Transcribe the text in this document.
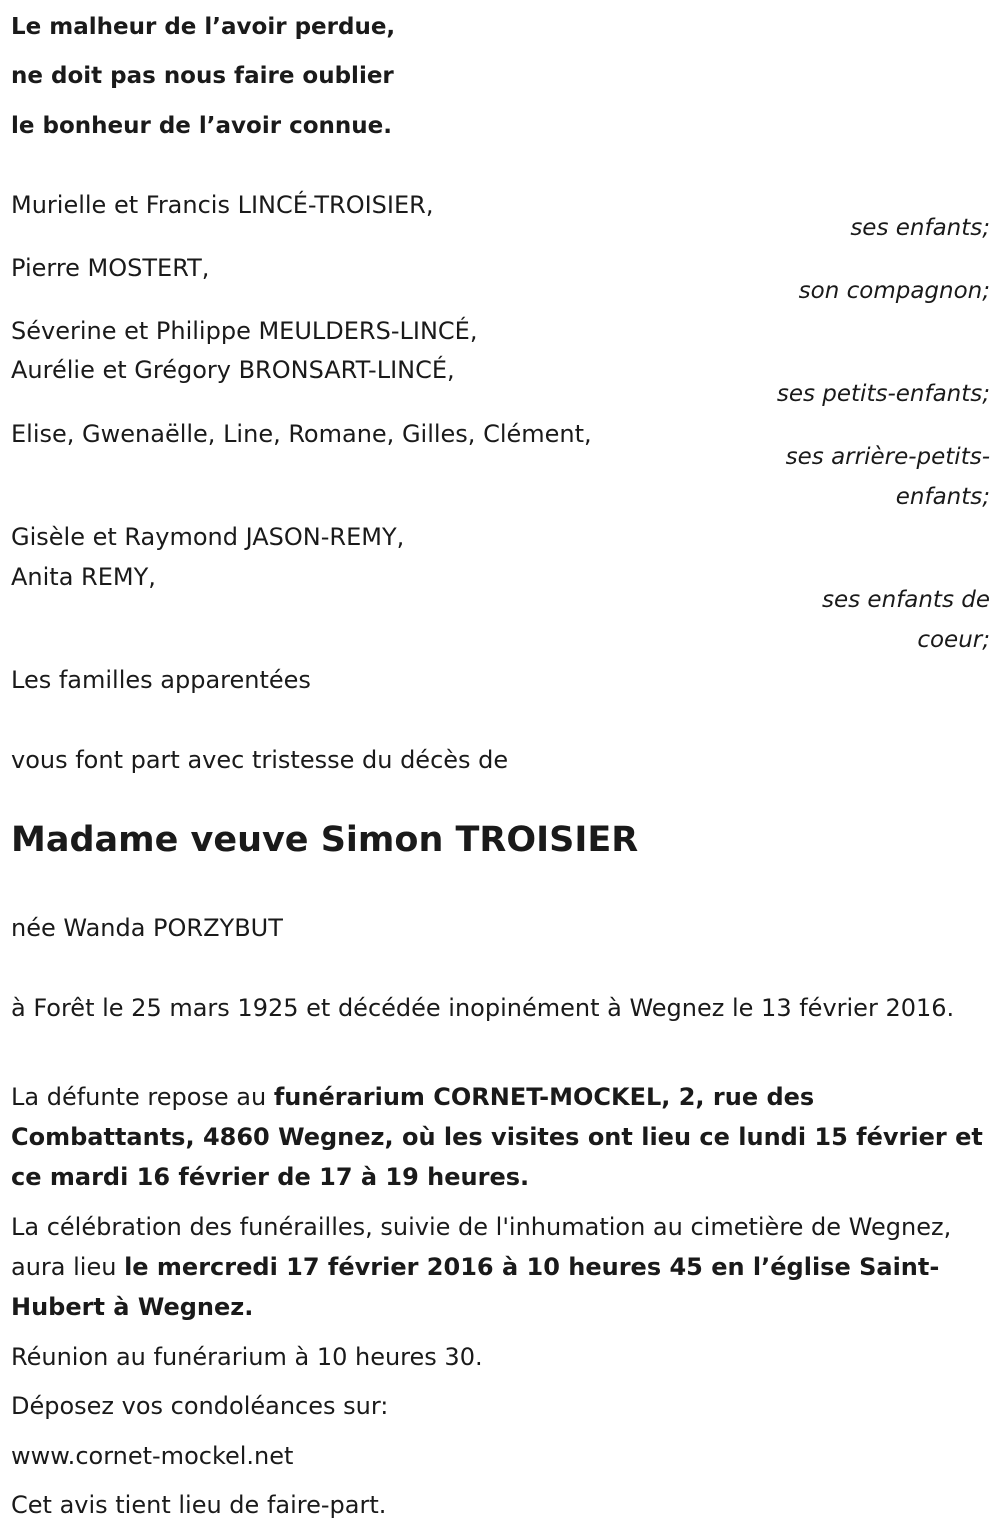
Le malheur de l’avoir perdue,
ne doit pas nous faire oublier
le bonheur de l’avoir connue.
Murielle et Francis LINCÉ-TROISIER,
ses enfants;
Pierre MOSTERT,
son compagnon;
Séverine et Philippe MEULDERS-LINCÉ,
Aurélie et Grégory BRONSART-LINCÉ,
ses petits-enfants;
Elise, Gwenaëlle, Line, Romane, Gilles, Clément,
ses arrière-petits-
enfants;
Gisèle et Raymond JASON-REMY,
Anita REMY,
ses enfants de
coeur;
Les familles apparentées
vous font part avec tristesse du décès de
Madame veuve Simon TROISIER
née Wanda PORZYBUT
à Forêt le 25 mars 1925 et décédée inopinément à Wegnez le 13 février 2016.
La défunte repose au funérarium CORNET-MOCKEL, 2, rue des Combattants, 4860 Wegnez, où les visites ont lieu ce lundi 15 février et ce mardi 16 février de 17 à 19 heures.
La célébration des funérailles, suivie de l'inhumation au cimetière de Wegnez, aura lieu le mercredi 17 février 2016 à 10 heures 45 en l’église Saint-Hubert à Wegnez.
Réunion au funérarium à 10 heures 30.
Déposez vos condoléances sur:
www.cornet-mockel.net
Cet avis tient lieu de faire-part.
